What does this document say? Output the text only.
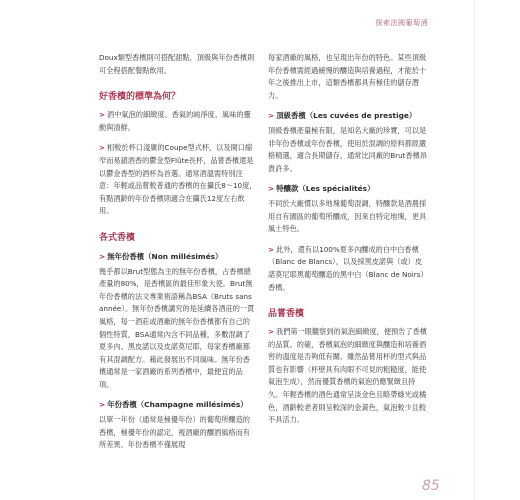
探索法國葡萄酒

Doux類型香檳則可搭配甜點，頂級與年份香檳則可全程搭配餐點飲用。

好香檳的標準為何？

> 酒中氣泡的細緻度、香氣的純淨度、風味的靈動與清鮮。

> 相較於杯口淺廣的Coupe型式杯，以及開口縮窄而易鎖酒香的鬱金型Flûte長杯，品嘗香檳還是以鬱金香型的酒杯為首選。通常酒溫需特別注意：年輕或品嘗較普通的香檳的在攝氏8～10度，有點酒齡的年份香檳則適合在攝氏12度左右飲用。

各式香檳
> 無年份香檳（Non millésimés）

幾乎都以Brut型態為主的無年份香檳，占香檳總產量的80%，是香檳區的最佳形象大使。Brut無年份香檳的法文專業術語稱為BSA（Bruts sans année）。無年份香檳講究的是延續各酒莊的一貫風格，每一酒莊或酒廠的無年份香檳都有自己的個性特質，BSA通常內含不同品種，多數混調了夏多內、黑皮諾以及皮諾莫尼耶，每家香檳廠都有其混調配方。藉此發展出不同風味。無年份香檳通常是一家酒廠的系列香檳中，最便宜的品項。

> 年份香檳（Champagne millésimés）

以單一年份（通常是極優年份）的葡萄所釀造的香檳，極優年份的認定，視酒廠的釀酒風格而有所差異。年份香檳不僅展現

每家酒廠的風格，也呈現出年份的特色。某些頂級年份香檳需經過緩慢的釀造與培養過程，才能於十年之後推出上市，這類香檳都具有極佳的儲存潛力。

> 頂級香檳（Les cuvées de prestige）

頂級香檳產量極有限，是知名大廠的珍寶，可以是非年份香檳或年份香檳，使用於混調的原料都經嚴格精選，適合長期儲存，通常比同廠的Brut香檳昂貴許多。

> 特釀款（Les spécialités）

不同於大廠慣以多地塊葡萄混調，特釀款是酒農採用自有園區的葡萄所釀成，因來自特定地塊，更具風土特色。

> 此外，還有以100%夏多內釀成的白中白香檳（Blanc de Blancs），以及採黑皮諾與（或）皮諾莫尼耶黑葡萄釀造的黑中白（Blanc de Noirs）香檳。

品嘗香檳

> 我們第一眼觀察到的氣泡細緻度，便預告了香檳的品質。的確，香檳氣泡的細緻度與釀造和培養酒窖的溫度是否夠低有關。雖然品嘗用杯的型式與品質也有影響（杯壁具有肉眼不可見的粗糙度，能使氣泡生成），然而優質香檳的氣泡仍應緊緻且持久。年輕香檳的酒色通常呈淡金色且略帶綠光或橘色，酒齡較老者則呈較深的金黃色，氣泡較少且較不具活力。

85
